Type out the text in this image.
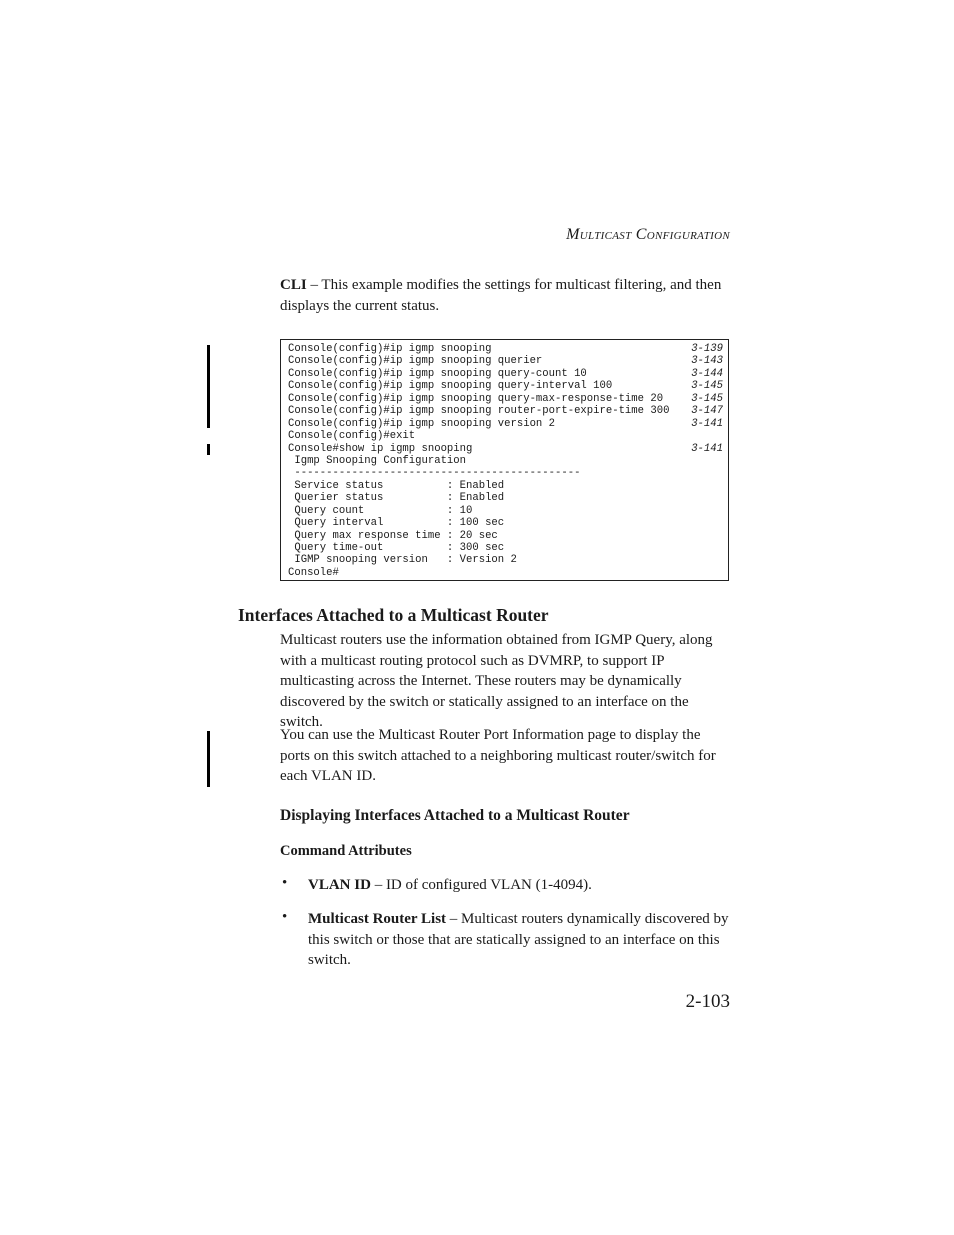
Multicast Configuration

CLI – This example modifies the settings for multicast filtering, and then displays the current status.

Console(config)#ip igmp snooping	3-139
Console(config)#ip igmp snooping querier	3-143
Console(config)#ip igmp snooping query-count 10	3-144
Console(config)#ip igmp snooping query-interval 100	3-145
Console(config)#ip igmp snooping query-max-response-time 20	3-145
Console(config)#ip igmp snooping router-port-expire-time 300 3-147
Console(config)#ip igmp snooping version 2	3-141
Console(config)#exit
Console#show ip igmp snooping	3-141
Igmp Snooping Configuration
---------------------------------------------
Service status          : Enabled
Querier status          : Enabled
Query count             : 10
Query interval          : 100 sec
Query max response time : 20 sec
Query time-out          : 300 sec
IGMP snooping version   : Version 2
Console#
Interfaces Attached to a Multicast Router

Multicast routers use the information obtained from IGMP Query, along with a multicast routing protocol such as DVMRP, to support IP multicasting across the Internet. These routers may be dynamically discovered by the switch or statically assigned to an interface on the switch.

You can use the Multicast Router Port Information page to display the ports on this switch attached to a neighboring multicast router/switch for each VLAN ID.

Displaying Interfaces Attached to a Multicast Router
Command Attributes
• VLAN ID – ID of configured VLAN (1-4094).

• Multicast Router List – Multicast routers dynamically discovered by this switch or those that are statically assigned to an interface on this switch.

2-103
